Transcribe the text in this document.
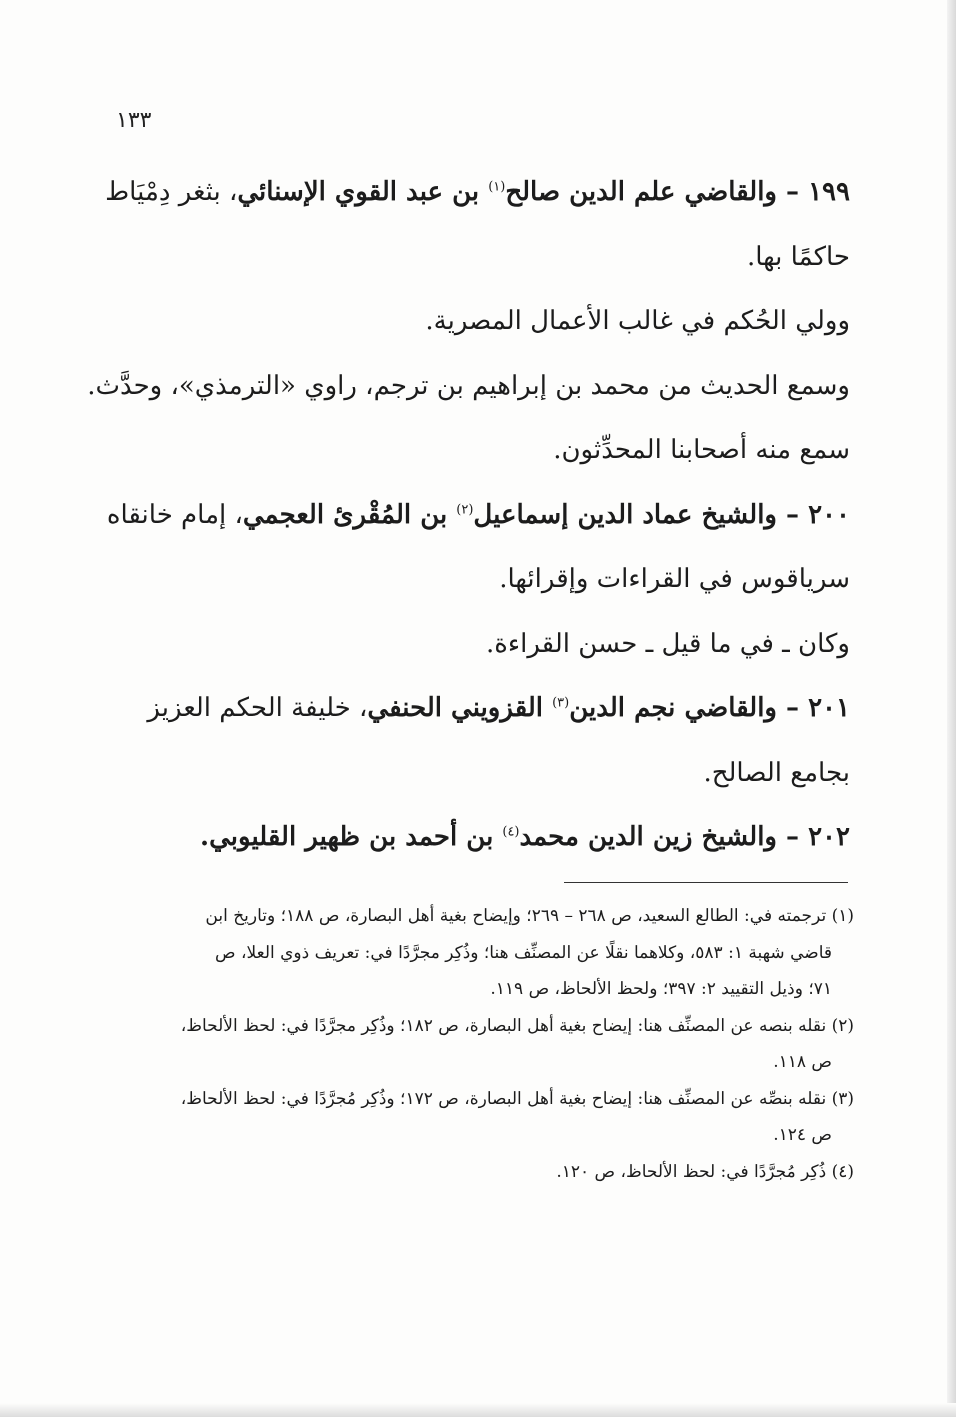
١٣٣
١٩٩ – والقاضي علم الدين صالح$^{(١)}$ بن عبد القوي الإسنائي، بثغر دِمْيَاط
حاكمًا بها.
وولي الحُكم في غالب الأعمال المصرية.
وسمع الحديث من محمد بن إبراهيم بن ترجم، راوي «الترمذي»، وحدَّث.
سمع منه أصحابنا المحدِّثون.
٢٠٠ – والشيخ عماد الدين إسماعيل$^{(٢)}$ بن المُقْرئ العجمي، إمام خانقاه
سرياقوس في القراءات وإقرائها.
وكان ـ في ما قيل ـ حسن القراءة.
٢٠١ – والقاضي نجم الدين$^{(٣)}$ القزويني الحنفي، خليفة الحكم العزيز
بجامع الصالح.
٢٠٢ – والشيخ زين الدين محمد$^{(٤)}$ بن أحمد بن ظهير القليوبي.
(١) ترجمته في: الطالع السعيد، ص ٢٦٨ – ٢٦٩؛ وإيضاح بغية أهل البصارة، ص ١٨٨؛ وتاريخ ابن
قاضي شهبة ١: ٥٨٣، وكلاهما نقلًا عن المصنِّف هنا؛ وذُكِر مجرَّدًا في: تعريف ذوي العلا، ص
٧١؛ وذيل التقييد ٢: ٣٩٧؛ ولحظ الألحاظ، ص ١١٩.
(٢) نقله بنصه عن المصنِّف هنا: إيضاح بغية أهل البصارة، ص ١٨٢؛ وذُكِر مجرَّدًا في: لحظ الألحاظ،
ص ١١٨.
(٣) نقله بنصِّه عن المصنِّف هنا: إيضاح بغية أهل البصارة، ص ١٧٢؛ وذُكِر مُجرَّدًا في: لحظ الألحاظ،
ص ١٢٤.
(٤) ذُكِر مُجرَّدًا في: لحظ الألحاظ، ص ١٢٠.
